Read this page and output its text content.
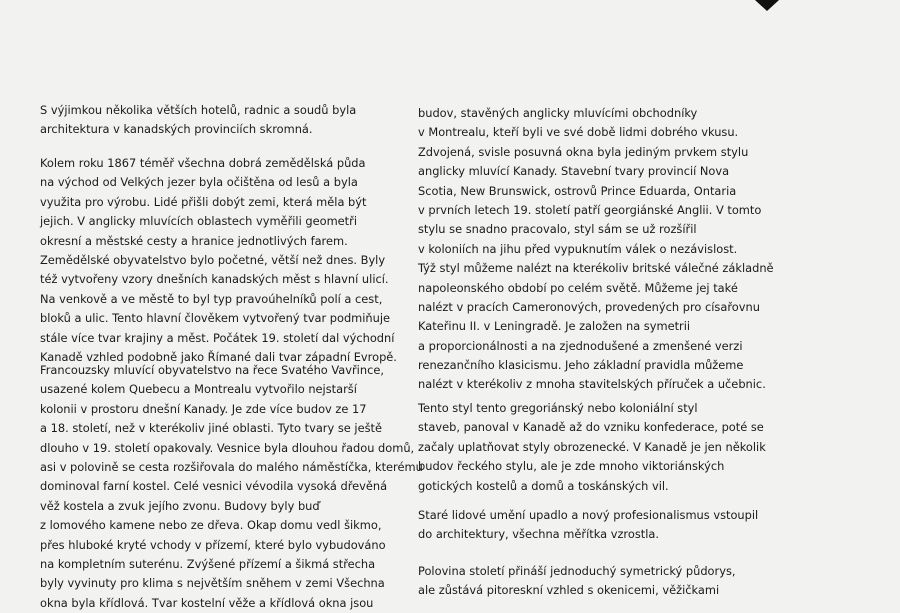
S výjimkou několika větších hotelů, radnic a soudů byla
architektura v kanadských provinciích skromná.

Kolem roku 1867 téměř všechna dobrá zemědělská půda
na východ od Velkých jezer byla očištěna od lesů a byla
využita pro výrobu. Lidé přišli dobýt zemi, která měla být
jejich. V anglicky mluvících oblastech vyměřili geometři
okresní a městské cesty a hranice jednotlivých farem.
Zemědělské obyvatelstvo bylo početné, větší než dnes. Byly
též vytvořeny vzory dnešních kanadských měst s hlavní ulicí.
Na venkově a ve městě to byl typ pravoúhelníků polí a cest,
bloků a ulic. Tento hlavní člověkem vytvořený tvar podmiňuje
stále více tvar krajiny a měst. Počátek 19. století dal východní
Kanadě vzhled podobně jako Římané dali tvar západní Evropě.

Francouzsky mluvící obyvatelstvo na řece Svatého Vavřince,
usazené kolem Quebecu a Montrealu vytvořilo nejstarší
kolonii v prostoru dnešní Kanady. Je zde více budov ze 17
a 18. století, než v kterékoliv jiné oblasti. Tyto tvary se ještě
dlouho v 19. století opakovaly. Vesnice byla dlouhou řadou domů,
asi v polovině se cesta rozšiřovala do malého náměstíčka, kterému
dominoval farní kostel. Celé vesnici vévodila vysoká dřevěná
věž kostela a zvuk jejího zvonu. Budovy byly buď
z lomového kamene nebo ze dřeva. Okap domu vedl šikmo,
přes hluboké kryté vchody v přízemí, které bylo vybudováno
na kompletním suterénu. Zvýšené přízemí a šikmá střecha
byly vyvinuty pro klima s největším sněhem v zemi Všechna
okna byla křídlová. Tvar kostelní věže a křídlová okna jsou

budov, stavěných anglicky mluvícími obchodníky
v Montrealu, kteří byli ve své době lidmi dobrého vkusu.
Zdvojená, svisle posuvná okna byla jediným prvkem stylu
anglicky mluvící Kanady. Stavební tvary provincií Nova
Scotia, New Brunswick, ostrovů Prince Eduarda, Ontaria
v prvních letech 19. století patří georgiánské Anglii. V tomto
stylu se snadno pracovalo, styl sám se už rozšířil
v koloniích na jihu před vypuknutím válek o nezávislost.
Týž styl můžeme nalézt na kterékoliv britské válečné základně
napoleonského období po celém světě. Můžeme jej také
nalézt v pracích Cameronových, provedených pro císařovnu
Kateřinu II. v Leningradě. Je založen na symetrii
a proporcionálnosti a na zjednodušené a zmenšené verzi
renezančního klasicismu. Jeho základní pravidla můžeme
nalézt v kterékoliv z mnoha stavitelských příruček a učebnic.

Tento styl tento gregoriánský nebo koloniální styl
staveb, panoval v Kanadě až do vzniku konfederace, poté se
začaly uplatňovat styly obrozenecké. V Kanadě je jen několik
budov řeckého stylu, ale je zde mnoho viktoriánských
gotických kostelů a domů a toskánských vil.

Staré lidové umění upadlo a nový profesionalismus vstoupil
do architektury, všechna měřítka vzrostla.

Polovina století přináší jednoduchý symetrický půdorys,
ale zůstává pitoreskní vzhled s okenicemi, věžičkami
